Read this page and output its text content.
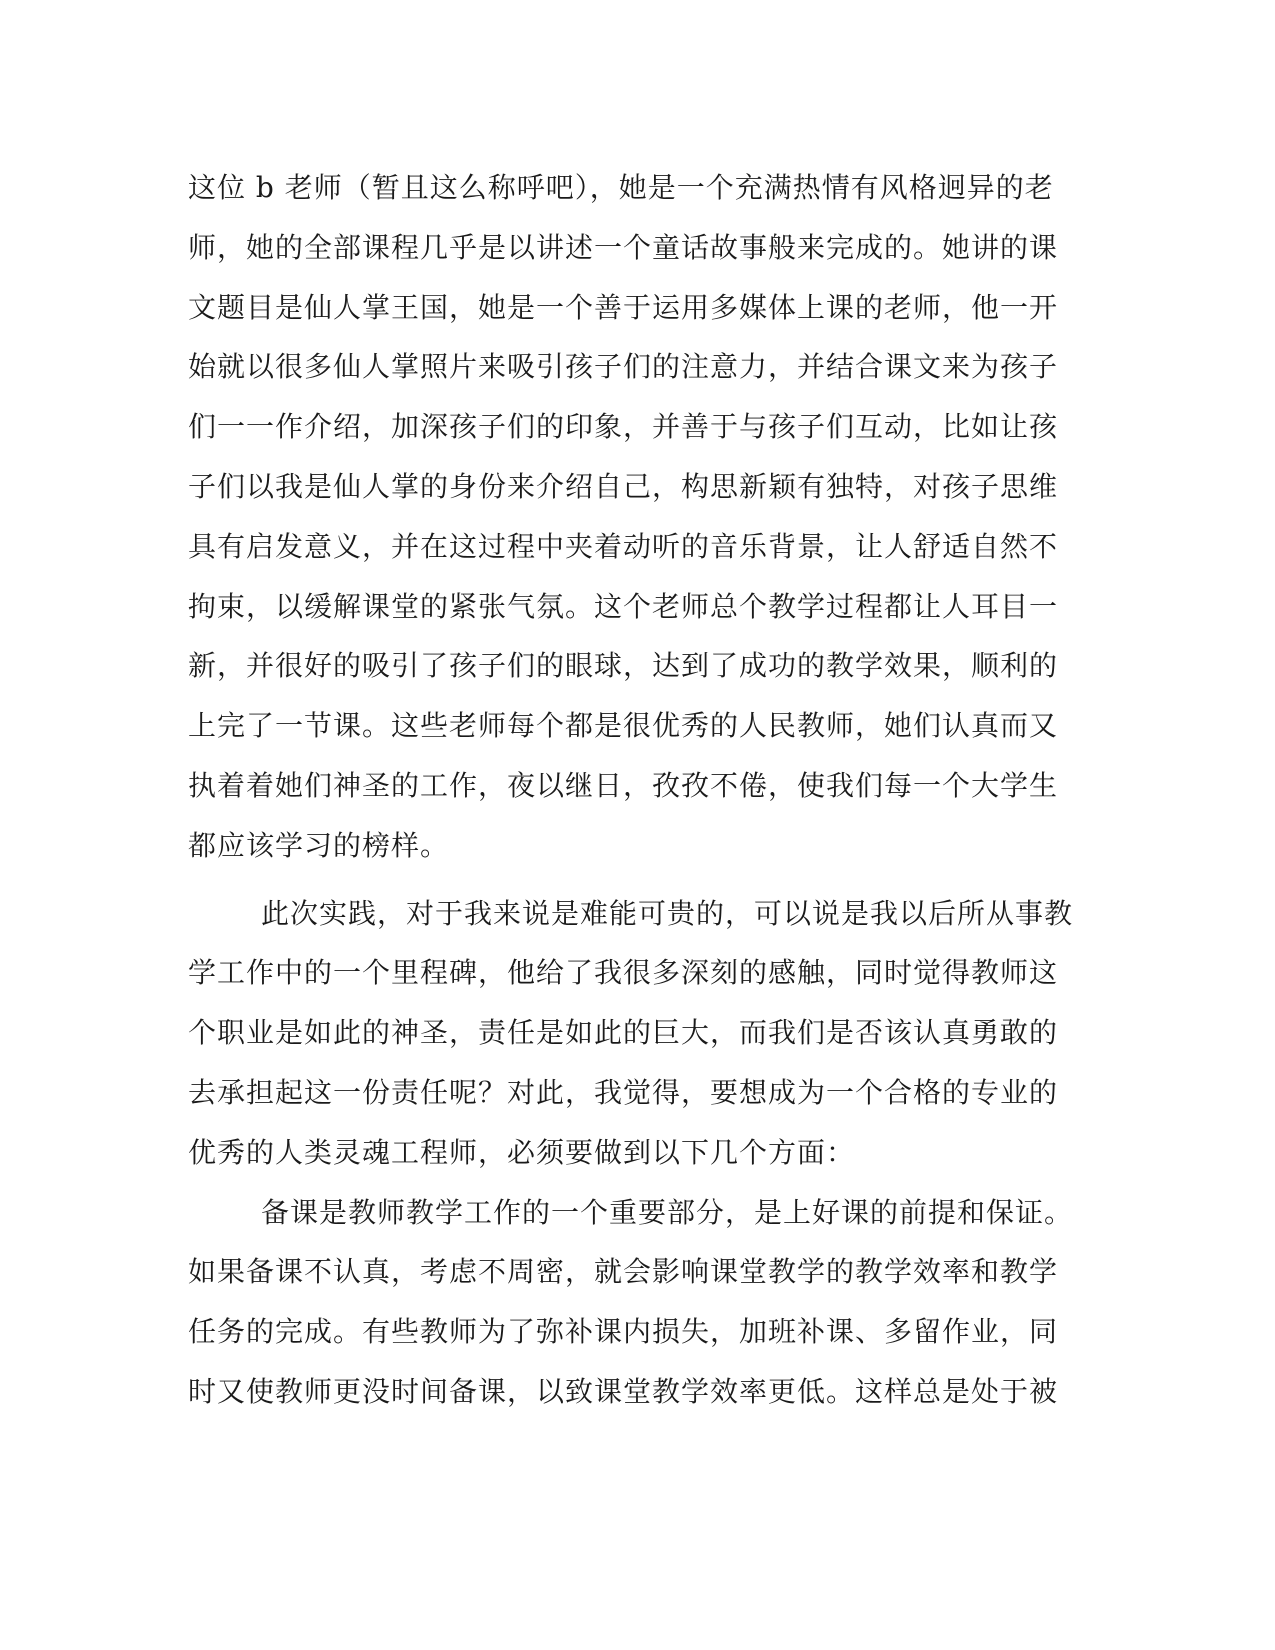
这位 b 老师（暂且这么称呼吧），她是一个充满热情有风格迥异的老
师，她的全部课程几乎是以讲述一个童话故事般来完成的。她讲的课
文题目是仙人掌王国，她是一个善于运用多媒体上课的老师，他一开
始就以很多仙人掌照片来吸引孩子们的注意力，并结合课文来为孩子
们一一作介绍，加深孩子们的印象，并善于与孩子们互动，比如让孩
子们以我是仙人掌的身份来介绍自己，构思新颖有独特，对孩子思维
具有启发意义，并在这过程中夹着动听的音乐背景，让人舒适自然不
拘束，以缓解课堂的紧张气氛。这个老师总个教学过程都让人耳目一
新，并很好的吸引了孩子们的眼球，达到了成功的教学效果，顺利的
上完了一节课。这些老师每个都是很优秀的人民教师，她们认真而又
执着着她们神圣的工作，夜以继日，孜孜不倦，使我们每一个大学生
都应该学习的榜样。
此次实践，对于我来说是难能可贵的，可以说是我以后所从事教
学工作中的一个里程碑，他给了我很多深刻的感触，同时觉得教师这
个职业是如此的神圣，责任是如此的巨大，而我们是否该认真勇敢的
去承担起这一份责任呢？对此，我觉得，要想成为一个合格的专业的
优秀的人类灵魂工程师，必须要做到以下几个方面：
备课是教师教学工作的一个重要部分，是上好课的前提和保证。
如果备课不认真，考虑不周密，就会影响课堂教学的教学效率和教学
任务的完成。有些教师为了弥补课内损失，加班补课、多留作业，同
时又使教师更没时间备课，以致课堂教学效率更低。这样总是处于被
